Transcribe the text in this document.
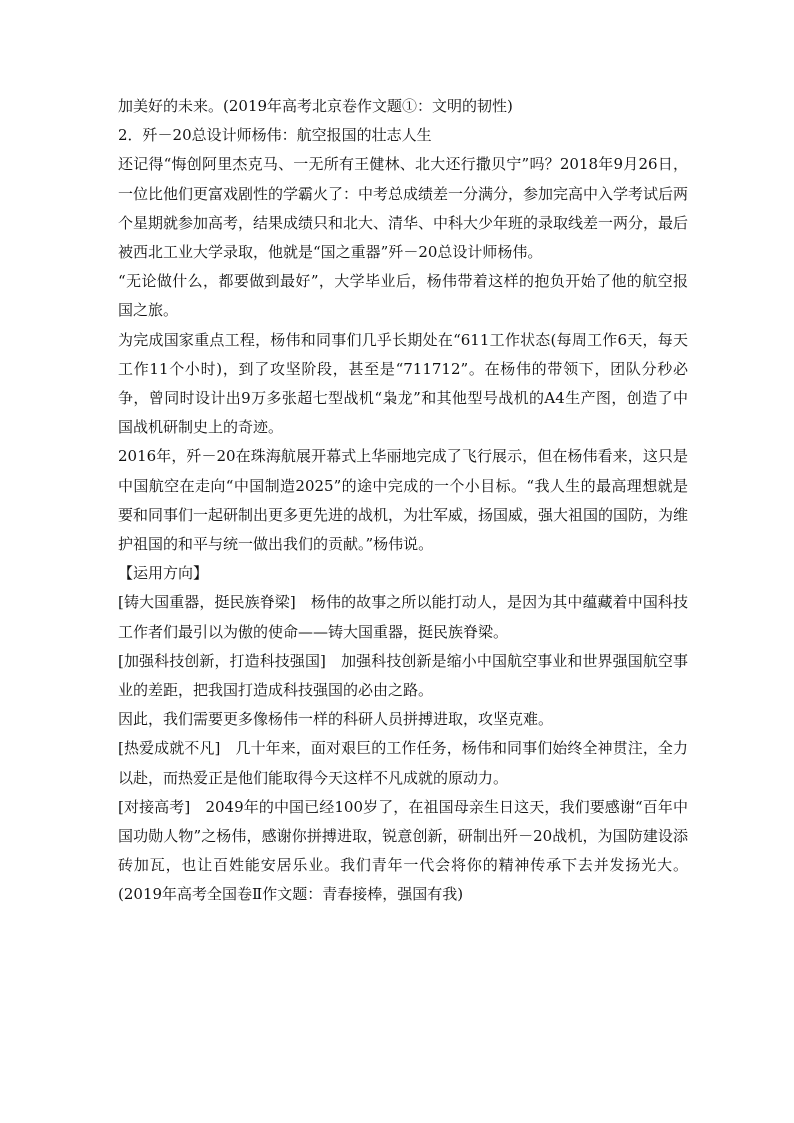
加美好的未来。(2019年高考北京卷作文题①：文明的韧性)

2．歼－20总设计师杨伟：航空报国的壮志人生

还记得“悔创阿里杰克马、一无所有王健林、北大还行撒贝宁”吗？2018年9月26日，一位比他们更富戏剧性的学霸火了：中考总成绩差一分满分，参加完高中入学考试后两个星期就参加高考，结果成绩只和北大、清华、中科大少年班的录取线差一两分，最后被西北工业大学录取，他就是“国之重器”歼－20总设计师杨伟。

“无论做什么，都要做到最好”，大学毕业后，杨伟带着这样的抱负开始了他的航空报国之旅。

为完成国家重点工程，杨伟和同事们几乎长期处在“611工作状态(每周工作6天，每天工作11个小时)，到了攻坚阶段，甚至是“711712”。在杨伟的带领下，团队分秒必争，曾同时设计出9万多张超七型战机“枭龙”和其他型号战机的A4生产图，创造了中国战机研制史上的奇迹。

2016年，歼－20在珠海航展开幕式上华丽地完成了飞行展示，但在杨伟看来，这只是中国航空在走向“中国制造2025”的途中完成的一个小目标。“我人生的最高理想就是要和同事们一起研制出更多更先进的战机，为壮军威，扬国威，强大祖国的国防，为维护祖国的和平与统一做出我们的贡献。”杨伟说。

【运用方向】

[铸大国重器，挺民族脊梁]　杨伟的故事之所以能打动人，是因为其中蕴藏着中国科技工作者们最引以为傲的使命——铸大国重器，挺民族脊梁。

[加强科技创新，打造科技强国]　加强科技创新是缩小中国航空事业和世界强国航空事业的差距，把我国打造成科技强国的必由之路。

因此，我们需要更多像杨伟一样的科研人员拼搏进取，攻坚克难。

[热爱成就不凡]　几十年来，面对艰巨的工作任务，杨伟和同事们始终全神贯注，全力以赴，而热爱正是他们能取得今天这样不凡成就的原动力。

[对接高考]　2049年的中国已经100岁了，在祖国母亲生日这天，我们要感谢“百年中国功勋人物”之杨伟，感谢你拼搏进取，锐意创新，研制出歼－20战机，为国防建设添砖加瓦，也让百姓能安居乐业。我们青年一代会将你的精神传承下去并发扬光大。(2019年高考全国卷Ⅱ作文题：青春接棒，强国有我)
